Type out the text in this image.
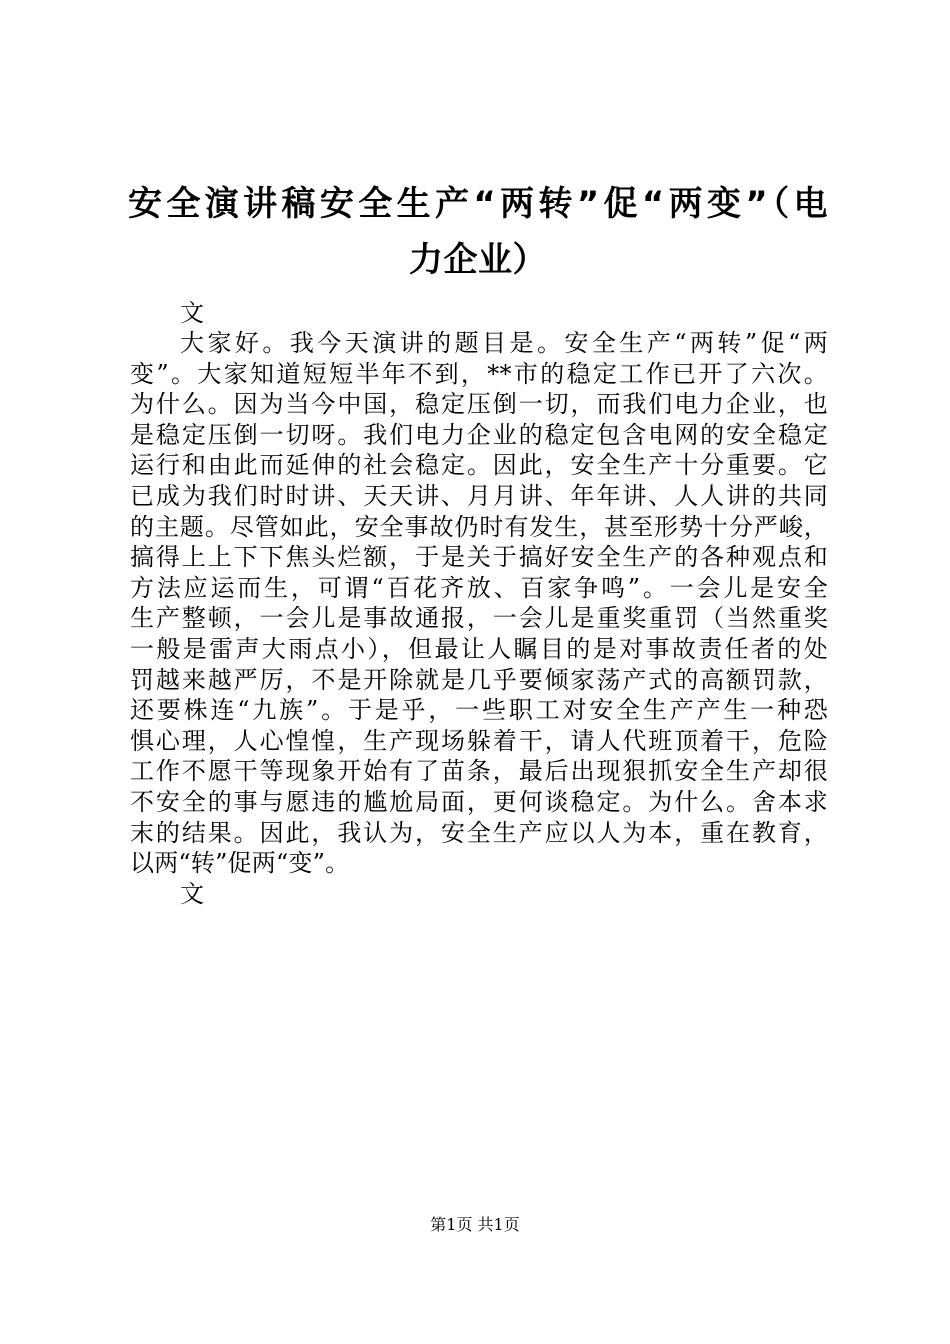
安全演讲稿安全生产“两转”促“两变”（电
力企业）
文
大家好。我今天演讲的题目是。安全生产“两转”促“两
变”。大家知道短短半年不到，**市的稳定工作已开了六次。
为什么。因为当今中国，稳定压倒一切，而我们电力企业，也
是稳定压倒一切呀。我们电力企业的稳定包含电网的安全稳定
运行和由此而延伸的社会稳定。因此，安全生产十分重要。它
已成为我们时时讲、天天讲、月月讲、年年讲、人人讲的共同
的主题。尽管如此，安全事故仍时有发生，甚至形势十分严峻，
搞得上上下下焦头烂额，于是关于搞好安全生产的各种观点和
方法应运而生，可谓“百花齐放、百家争鸣”。一会儿是安全
生产整顿，一会儿是事故通报，一会儿是重奖重罚（当然重奖
一般是雷声大雨点小），但最让人瞩目的是对事故责任者的处
罚越来越严厉，不是开除就是几乎要倾家荡产式的高额罚款，
还要株连“九族”。于是乎，一些职工对安全生产产生一种恐
惧心理，人心惶惶，生产现场躲着干，请人代班顶着干，危险
工作不愿干等现象开始有了苗条，最后出现狠抓安全生产却很
不安全的事与愿违的尴尬局面，更何谈稳定。为什么。舍本求
末的结果。因此，我认为，安全生产应以人为本，重在教育，
以两“转”促两“变”。
文
第1页 共1页
